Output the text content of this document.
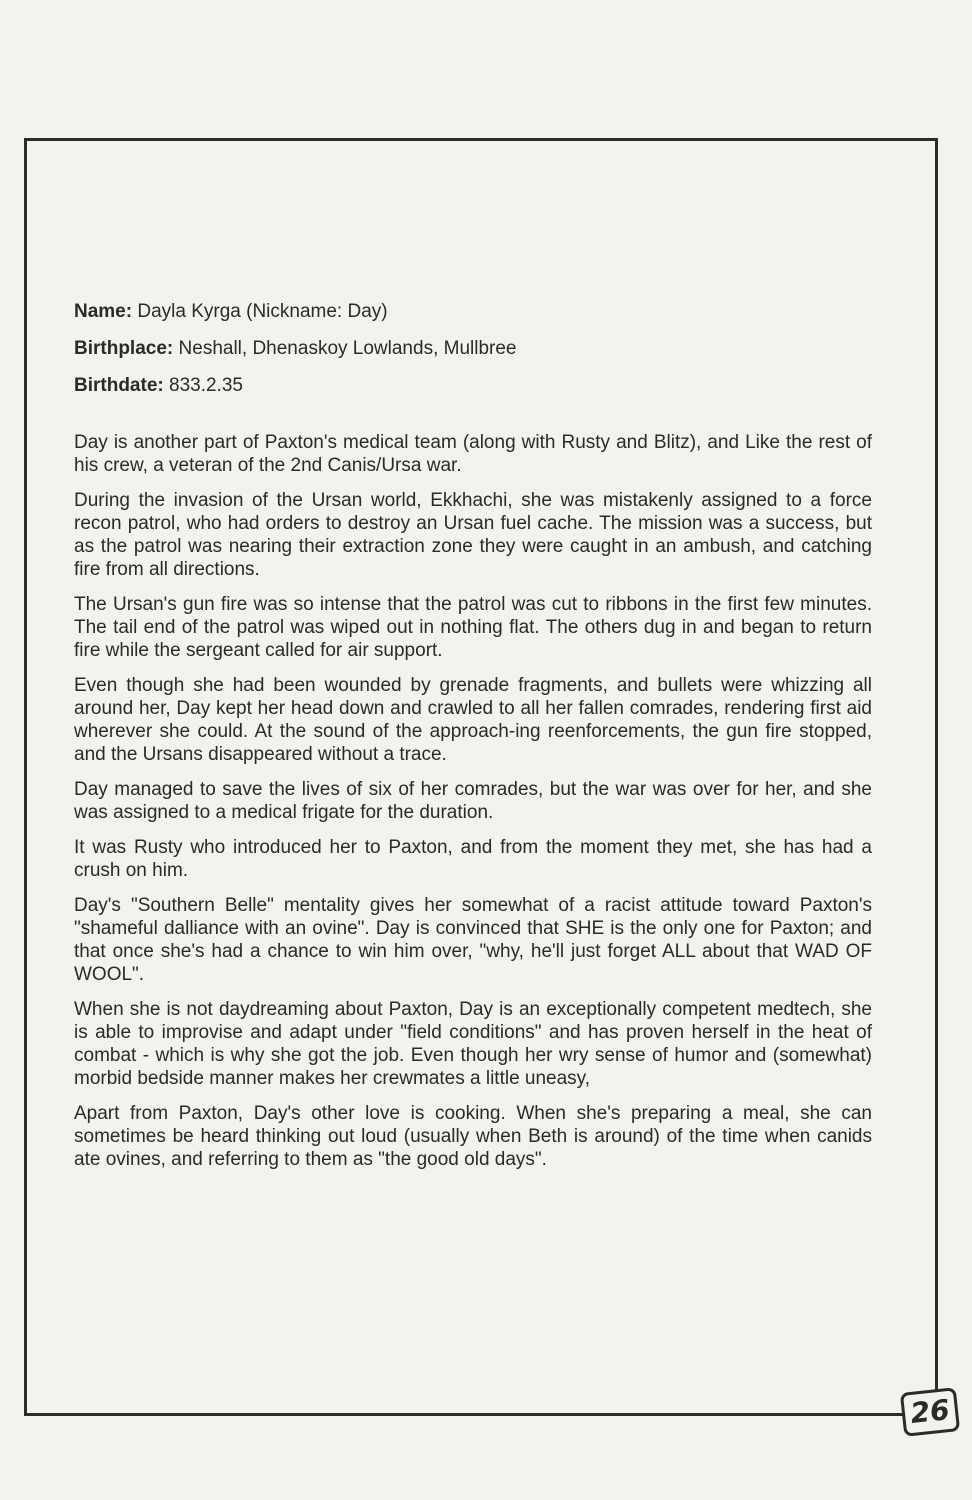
Name: Dayla Kyrga (Nickname: Day)

Birthplace: Neshall, Dhenaskoy Lowlands, Mullbree

Birthdate: 833.2.35

Day is another part of Paxton's medical team (along with Rusty and Blitz), and Like the rest of his crew, a veteran of the 2nd Canis/Ursa war.

During the invasion of the Ursan world, Ekkhachi, she was mistakenly assigned to a force recon patrol, who had orders to destroy an Ursan fuel cache. The mission was a success, but as the patrol was nearing their extraction zone they were caught in an ambush, and catching fire from all directions.

The Ursan's gun fire was so intense that the patrol was cut to ribbons in the first few minutes. The tail end of the patrol was wiped out in nothing flat. The others dug in and began to return fire while the sergeant called for air support.

Even though she had been wounded by grenade fragments, and bullets were whizzing all around her, Day kept her head down and crawled to all her fallen comrades, rendering first aid wherever she could. At the sound of the approach-ing reenforcements, the gun fire stopped, and the Ursans disappeared without a trace.

Day managed to save the lives of six of her comrades, but the war was over for her, and she was assigned to a medical frigate for the duration.

It was Rusty who introduced her to Paxton, and from the moment they met, she has had a crush on him.

Day's "Southern Belle" mentality gives her somewhat of a racist attitude toward Paxton's "shameful dalliance with an ovine". Day is convinced that SHE is the only one for Paxton; and that once she's had a chance to win him over, "why, he'll just forget ALL about that WAD OF WOOL".

When she is not daydreaming about Paxton, Day is an exceptionally competent medtech, she is able to improvise and adapt under "field conditions" and has proven herself in the heat of combat - which is why she got the job. Even though her wry sense of humor and (somewhat) morbid bedside manner makes her crewmates a little uneasy,

Apart from Paxton, Day's other love is cooking. When she's preparing a meal, she can sometimes be heard thinking out loud (usually when Beth is around) of the time when canids ate ovines, and referring to them as "the good old days".

26
